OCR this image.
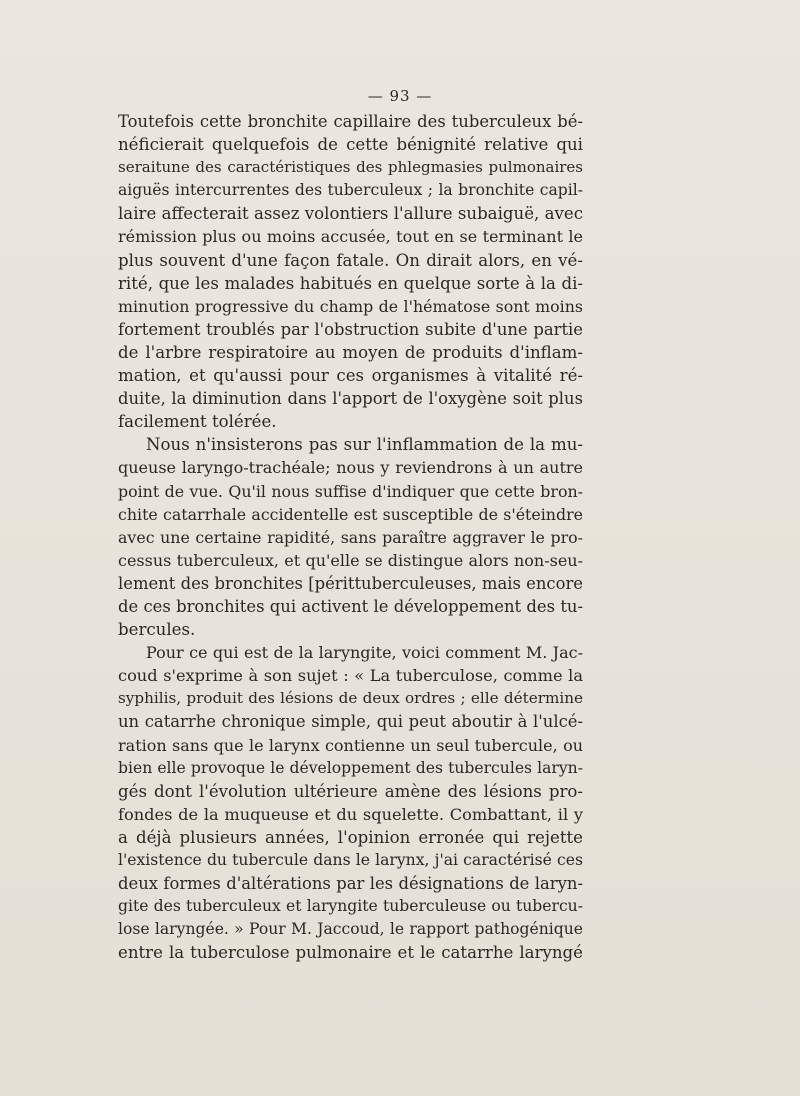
— 93 —
Toutefois cette bronchite capillaire des tuberculeux bé-
néficierait quelquefois de cette bénignité relative qui
seraitune des caractéristiques des phlegmasies pulmonaires
aiguës intercurrentes des tuberculeux ; la bronchite capil-
laire affecterait assez volontiers l'allure subaiguë, avec
rémission plus ou moins accusée, tout en se terminant le
plus souvent d'une façon fatale. On dirait alors, en vé-
rité, que les malades habitués en quelque sorte à la di-
minution progressive du champ de l'hématose sont moins
fortement troublés par l'obstruction subite d'une partie
de l'arbre respiratoire au moyen de produits d'inflam-
mation, et qu'aussi pour ces organismes à vitalité ré-
duite, la diminution dans l'apport de l'oxygène soit plus
facilement tolérée.
Nous n'insisterons pas sur l'inflammation de la mu-
queuse laryngo-trachéale; nous y reviendrons à un autre
point de vue. Qu'il nous suffise d'indiquer que cette bron-
chite catarrhale accidentelle est susceptible de s'éteindre
avec une certaine rapidité, sans paraître aggraver le pro-
cessus tuberculeux, et qu'elle se distingue alors non-seu-
lement des bronchites [périttuberculeuses, mais encore
de ces bronchites qui activent le développement des tu-
bercules.
Pour ce qui est de la laryngite, voici comment M. Jac-
coud s'exprime à son sujet : « La tuberculose, comme la
syphilis, produit des lésions de deux ordres ; elle détermine
un catarrhe chronique simple, qui peut aboutir à l'ulcé-
ration sans que le larynx contienne un seul tubercule, ou
bien elle provoque le développement des tubercules laryn-
gés dont l'évolution ultérieure amène des lésions pro-
fondes de la muqueuse et du squelette. Combattant, il y
a déjà plusieurs années, l'opinion erronée qui rejette
l'existence du tubercule dans le larynx, j'ai caractérisé ces
deux formes d'altérations par les désignations de laryn-
gite des tuberculeux et laryngite tuberculeuse ou tubercu-
lose laryngée. » Pour M. Jaccoud, le rapport pathogénique
entre la tuberculose pulmonaire et le catarrhe laryngé
